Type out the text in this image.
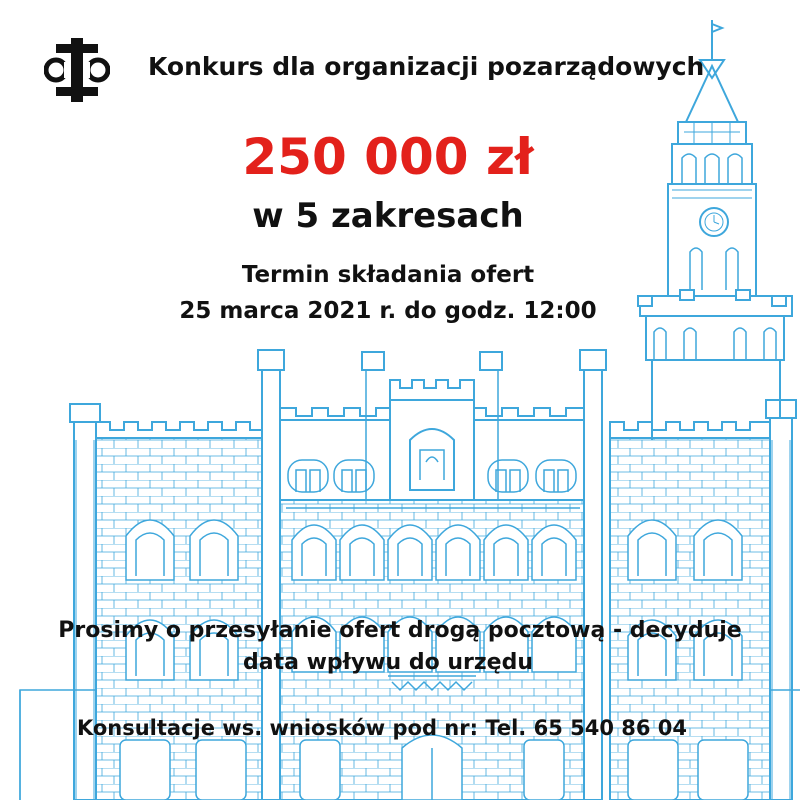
Konkurs dla organizacji pozarządowych
250 000 zł
w 5 zakresach
Termin składania ofert
25 marca 2021 r. do godz. 12:00
Prosimy o przesyłanie ofert drogą pocztową - decyduje
data wpływu do urzędu
Konsultacje ws. wniosków pod nr: Tel. 65 540 86 04
